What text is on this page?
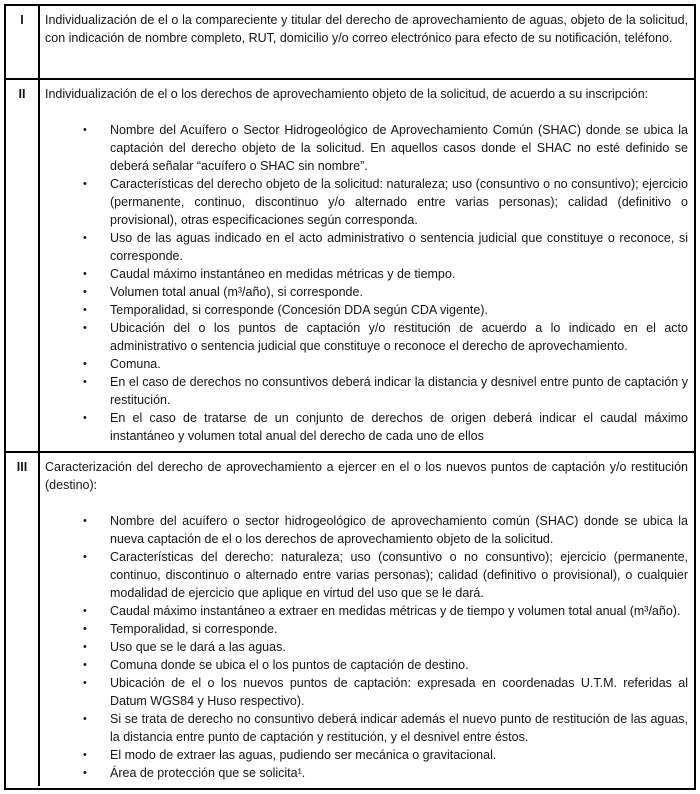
I	Individualización de el o la compareciente y titular del derecho de aprovechamiento de aguas, objeto de la solicitud, con indicación de nombre completo, RUT, domicilio y/o correo electrónico para efecto de su notificación, teléfono.

II	Individualización de el o los derechos de aprovechamiento objeto de la solicitud, de acuerdo a su inscripción:

•	Nombre del Acuífero o Sector Hidrogeológico de Aprovechamiento Común (SHAC) donde se ubica la captación del derecho objeto de la solicitud. En aquellos casos donde el SHAC no esté definido se deberá señalar “acuífero o SHAC sin nombre”.
•	Características del derecho objeto de la solicitud: naturaleza; uso (consuntivo o no consuntivo); ejercicio (permanente, continuo, discontinuo y/o alternado entre varias personas); calidad (definitivo o provisional), otras especificaciones según corresponda.
•	Uso de las aguas indicado en el acto administrativo o sentencia judicial que constituye o reconoce, si corresponde.
•	Caudal máximo instantáneo en medidas métricas y de tiempo.
•	Volumen total anual (m³/año), si corresponde.
•	Temporalidad, si corresponde (Concesión DDA según CDA vigente).
•	Ubicación del o los puntos de captación y/o restitución de acuerdo a lo indicado en el acto administrativo o sentencia judicial que constituye o reconoce el derecho de aprovechamiento.
•	Comuna.
•	En el caso de derechos no consuntivos deberá indicar la distancia y desnivel entre punto de captación y restitución.
•	En el caso de tratarse de un conjunto de derechos de origen deberá indicar el caudal máximo instantáneo y volumen total anual del derecho de cada uno de ellos
III	Caracterización del derecho de aprovechamiento a ejercer en el o los nuevos puntos de captación y/o restitución (destino):

•	Nombre del acuífero o sector hidrogeológico de aprovechamiento común (SHAC) donde se ubica la nueva captación de el o los derechos de aprovechamiento objeto de la solicitud.
•	Características del derecho: naturaleza; uso (consuntivo o no consuntivo); ejercicio (permanente, continuo, discontinuo o alternado entre varias personas); calidad (definitivo o provisional), o cualquier modalidad de ejercicio que aplique en virtud del uso que se le dará.
•	Caudal máximo instantáneo a extraer en medidas métricas y de tiempo y volumen total anual (m³/año).
•	Temporalidad, si corresponde.
•	Uso que se le dará a las aguas.
•	Comuna donde se ubica el o los puntos de captación de destino.
•	Ubicación de el o los nuevos puntos de captación: expresada en coordenadas U.T.M. referidas al Datum WGS84 y Huso respectivo).
•	Si se trata de derecho no consuntivo deberá indicar además el nuevo punto de restitución de las aguas, la distancia entre punto de captación y restitución, y el desnivel entre éstos.
•	El modo de extraer las aguas, pudiendo ser mecánica o gravitacional.
•	Área de protección que se solicita¹.
